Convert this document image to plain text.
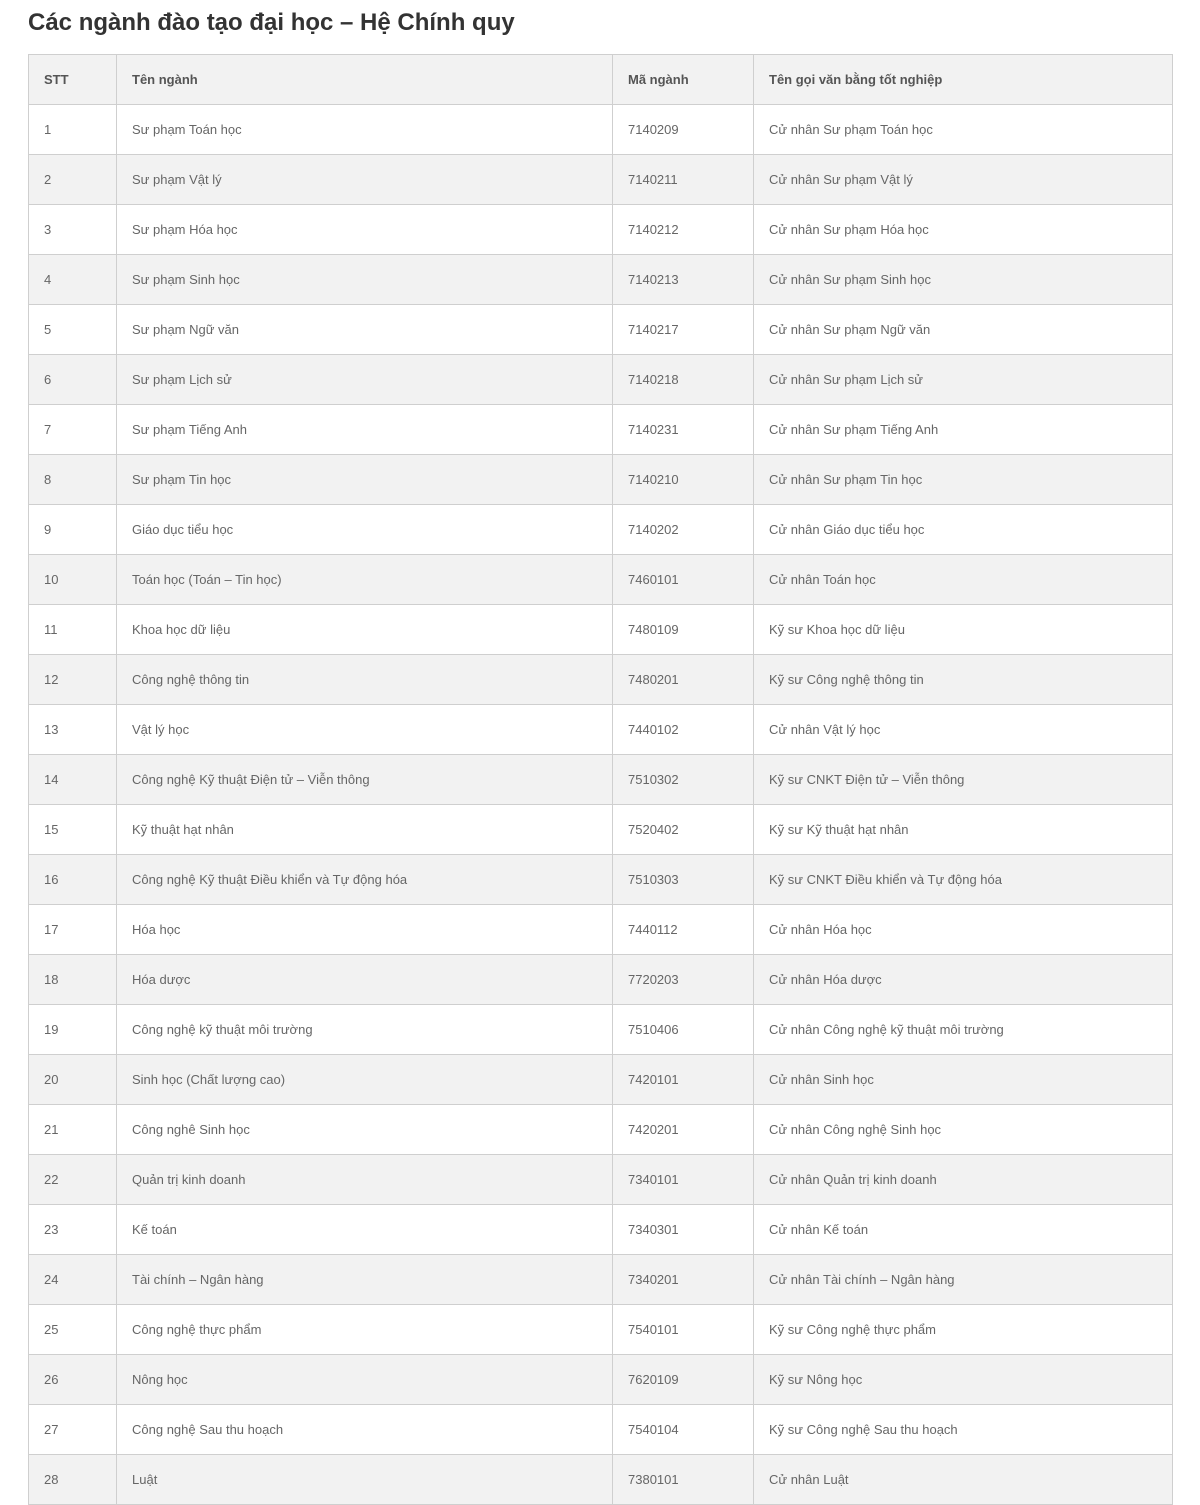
Các ngành đào tạo đại học – Hệ Chính quy
STT	Tên ngành	Mã ngành	Tên gọi văn bằng tốt nghiệp
1	Sư phạm Toán học	7140209	Cử nhân Sư phạm Toán học
2	Sư phạm Vật lý	7140211	Cử nhân Sư phạm Vật lý
3	Sư phạm Hóa học	7140212	Cử nhân Sư phạm Hóa học
4	Sư phạm Sinh học	7140213	Cử nhân Sư phạm Sinh học
5	Sư phạm Ngữ văn	7140217	Cử nhân Sư phạm Ngữ văn
6	Sư phạm Lịch sử	7140218	Cử nhân Sư phạm Lịch sử
7	Sư phạm Tiếng Anh	7140231	Cử nhân Sư phạm Tiếng Anh
8	Sư phạm Tin học	7140210	Cử nhân Sư phạm Tin học
9	Giáo dục tiểu học	7140202	Cử nhân Giáo dục tiểu học
10	Toán học (Toán – Tin học)	7460101	Cử nhân Toán học
11	Khoa học dữ liệu	7480109	Kỹ sư Khoa học dữ liệu
12	Công nghệ thông tin	7480201	Kỹ sư Công nghệ thông tin
13	Vật lý học	7440102	Cử nhân Vật lý học
14	Công nghệ Kỹ thuật Điện tử – Viễn thông	7510302	Kỹ sư CNKT Điện tử – Viễn thông
15	Kỹ thuật hạt nhân	7520402	Kỹ sư Kỹ thuật hạt nhân
16	Công nghệ Kỹ thuật Điều khiển và Tự động hóa	7510303	Kỹ sư CNKT Điều khiển và Tự động hóa
17	Hóa học	7440112	Cử nhân Hóa học
18	Hóa dược	7720203	Cử nhân Hóa dược
19	Công nghệ kỹ thuật môi trường	7510406	Cử nhân Công nghệ kỹ thuật môi trường
20	Sinh học (Chất lượng cao)	7420101	Cử nhân Sinh học
21	Công nghê Sinh học	7420201	Cử nhân Công nghệ Sinh học
22	Quản trị kinh doanh	7340101	Cử nhân Quản trị kinh doanh
23	Kế toán	7340301	Cử nhân Kế toán
24	Tài chính – Ngân hàng	7340201	Cử nhân Tài chính – Ngân hàng
25	Công nghệ thực phẩm	7540101	Kỹ sư Công nghệ thực phẩm
26	Nông học	7620109	Kỹ sư Nông học
27	Công nghệ Sau thu hoạch	7540104	Kỹ sư Công nghệ Sau thu hoạch
28	Luật	7380101	Cử nhân Luật
